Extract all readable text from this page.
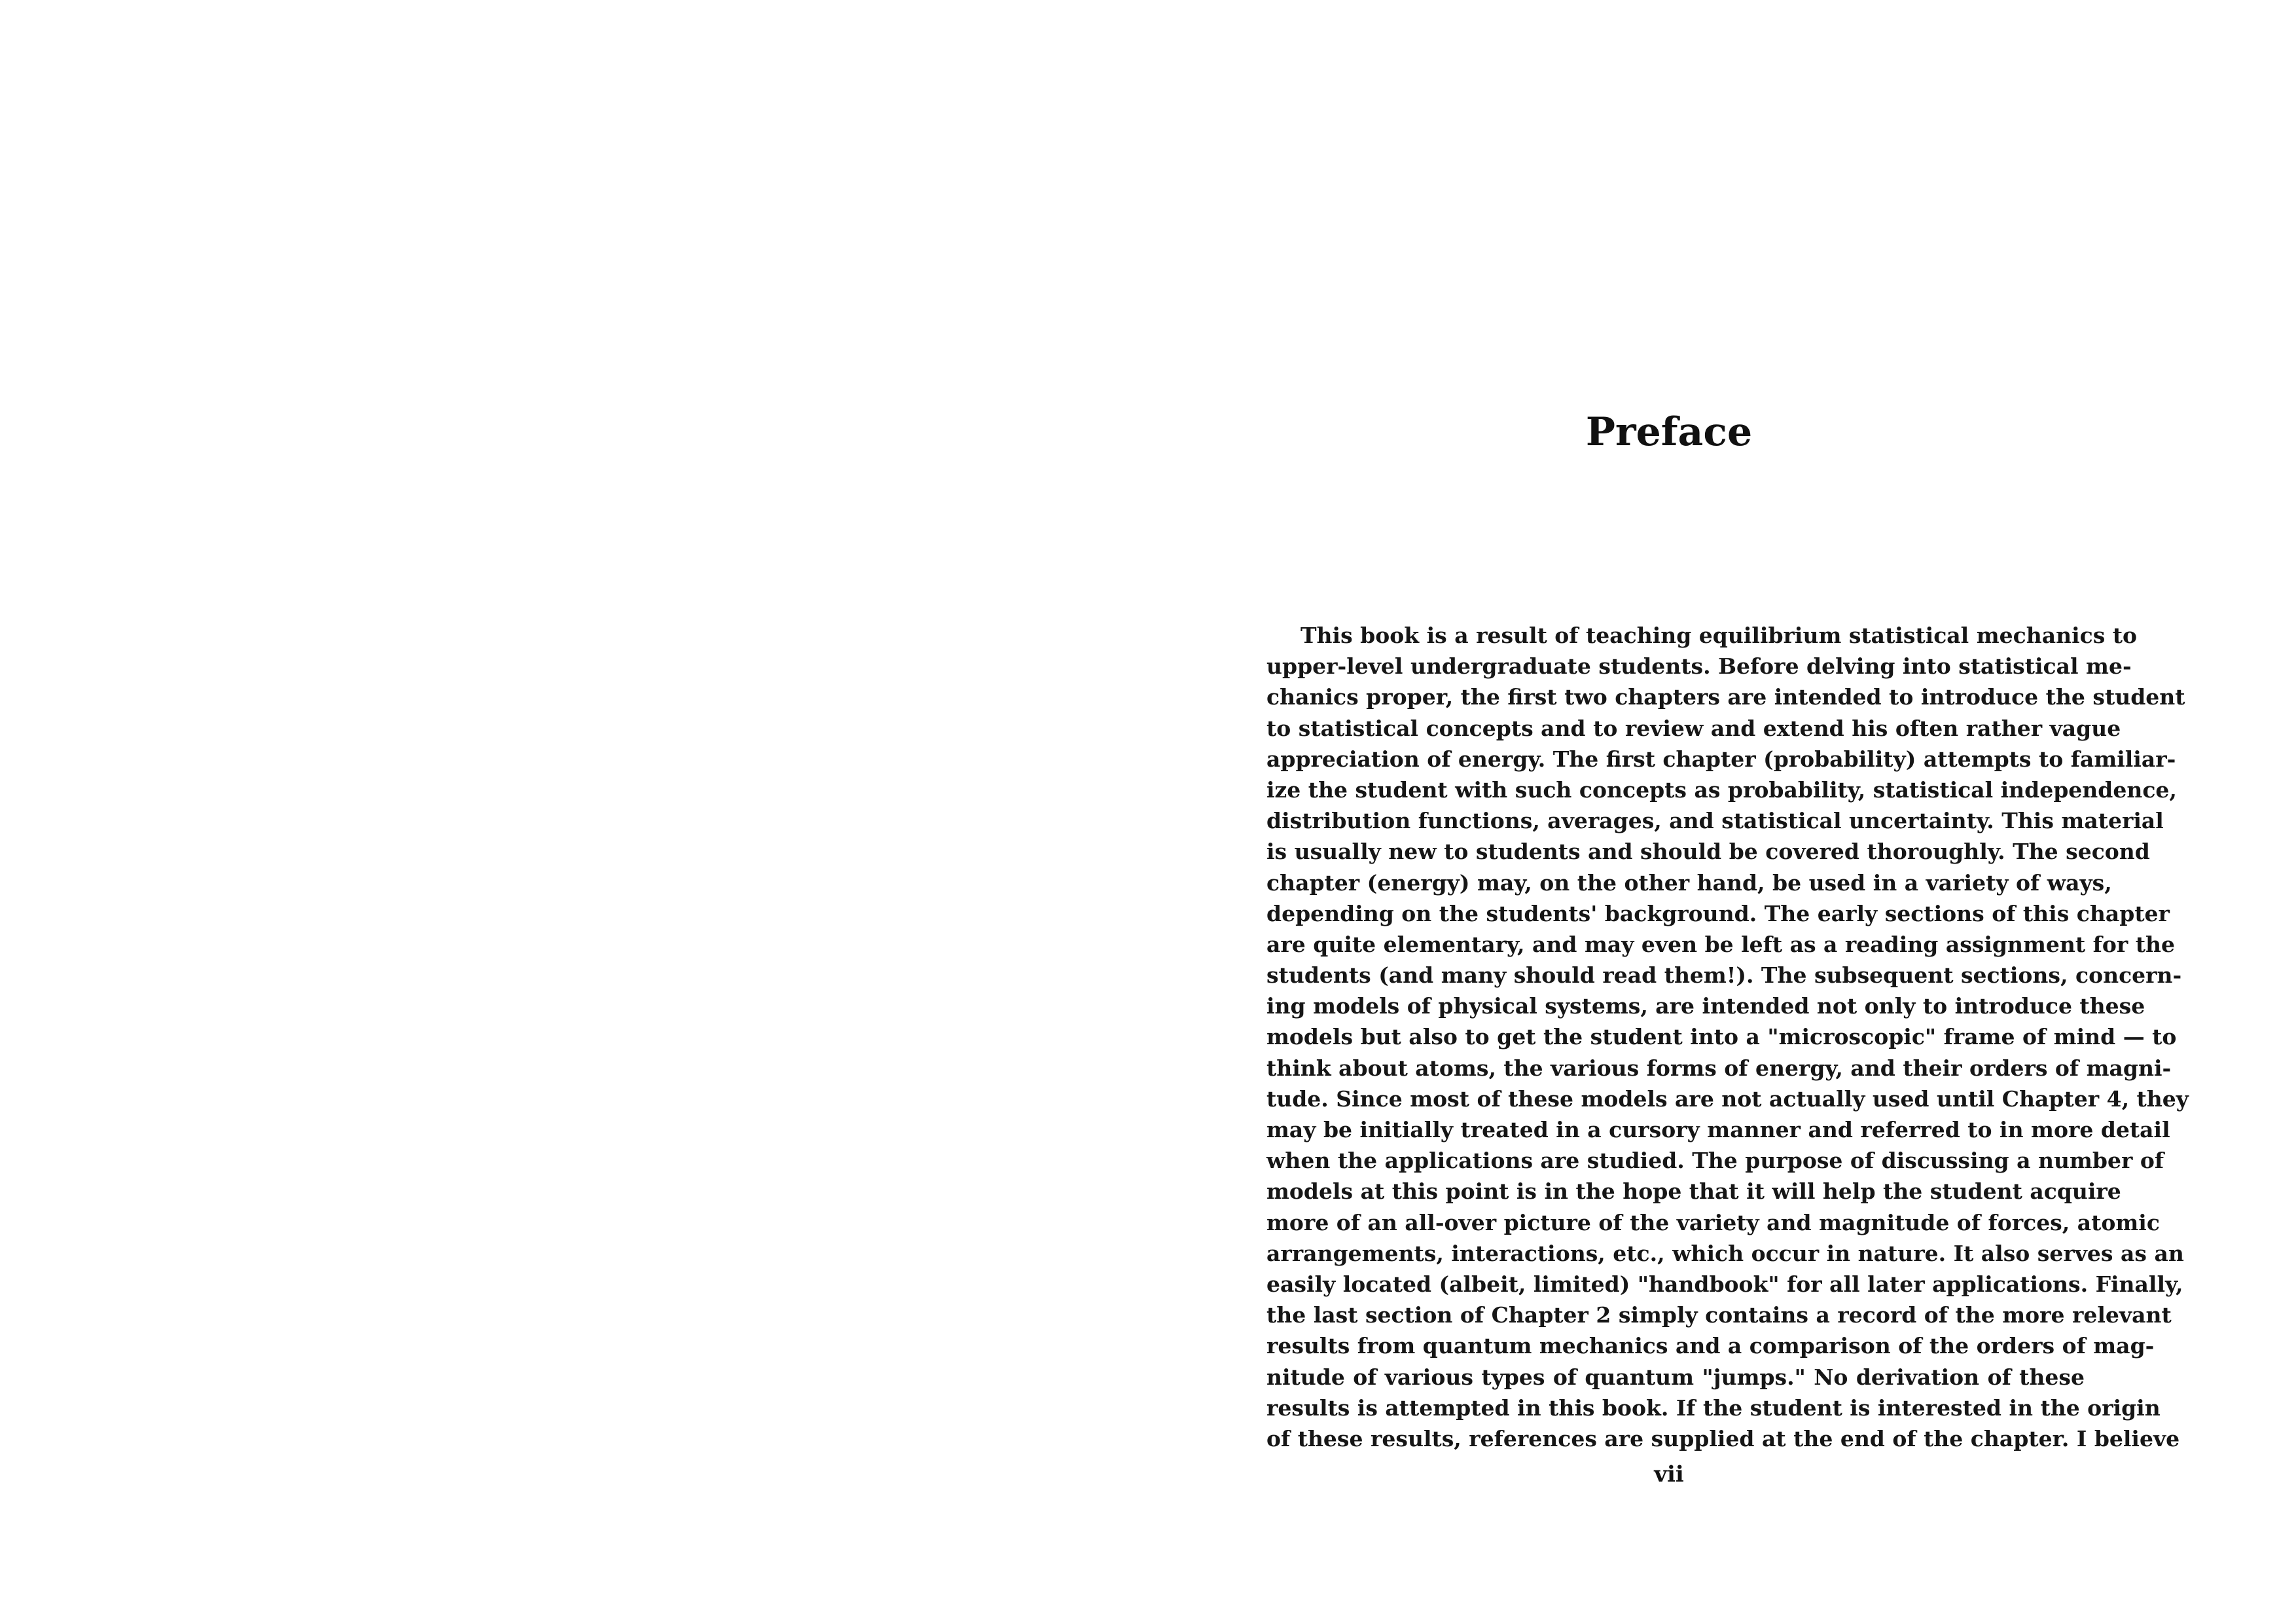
Preface
This book is a result of teaching equilibrium statistical mechanics to
upper-level undergraduate students. Before delving into statistical me-
chanics proper, the first two chapters are intended to introduce the student
to statistical concepts and to review and extend his often rather vague
appreciation of energy. The first chapter (probability) attempts to familiar-
ize the student with such concepts as probability, statistical independence,
distribution functions, averages, and statistical uncertainty. This material
is usually new to students and should be covered thoroughly. The second
chapter (energy) may, on the other hand, be used in a variety of ways,
depending on the students' background. The early sections of this chapter
are quite elementary, and may even be left as a reading assignment for the
students (and many should read them!). The subsequent sections, concern-
ing models of physical systems, are intended not only to introduce these
models but also to get the student into a "microscopic" frame of mind — to
think about atoms, the various forms of energy, and their orders of magni-
tude. Since most of these models are not actually used until Chapter 4, they
may be initially treated in a cursory manner and referred to in more detail
when the applications are studied. The purpose of discussing a number of
models at this point is in the hope that it will help the student acquire
more of an all-over picture of the variety and magnitude of forces, atomic
arrangements, interactions, etc., which occur in nature. It also serves as an
easily located (albeit, limited) "handbook" for all later applications. Finally,
the last section of Chapter 2 simply contains a record of the more relevant
results from quantum mechanics and a comparison of the orders of mag-
nitude of various types of quantum "jumps." No derivation of these
results is attempted in this book. If the student is interested in the origin
of these results, references are supplied at the end of the chapter. I believe
vii
